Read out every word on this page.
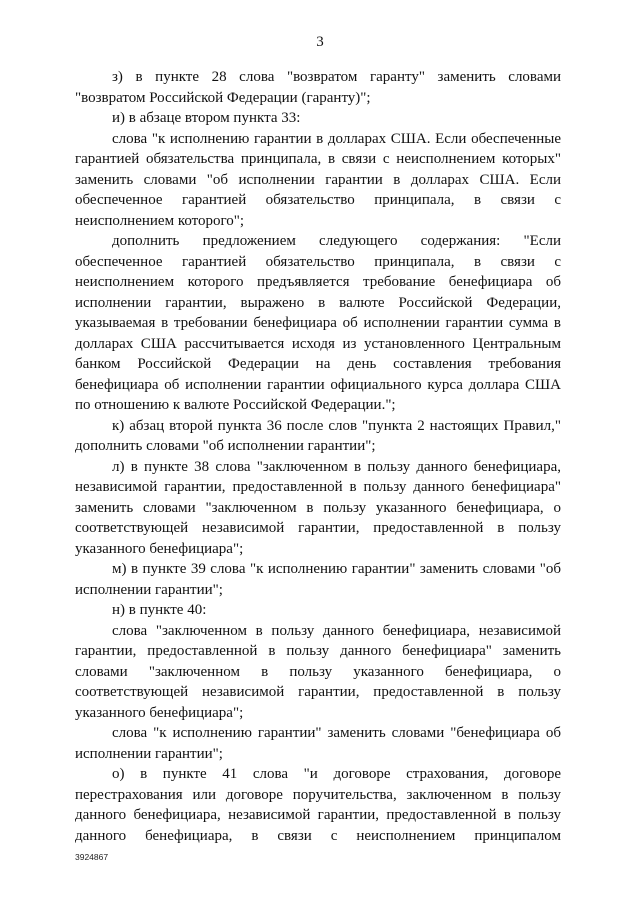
3

з) в пункте 28 слова "возвратом гаранту" заменить словами "возвратом Российской Федерации (гаранту)";

и) в абзаце втором пункта 33:

слова "к исполнению гарантии в долларах США. Если обеспеченные гарантией обязательства принципала, в связи с неисполнением которых" заменить словами "об исполнении гарантии в долларах США. Если обеспеченное гарантией обязательство принципала, в связи с неисполнением которого";

дополнить предложением следующего содержания: "Если обеспеченное гарантией обязательство принципала, в связи с неисполнением которого предъявляется требование бенефициара об исполнении гарантии, выражено в валюте Российской Федерации, указываемая в требовании бенефициара об исполнении гарантии сумма в долларах США рассчитывается исходя из установленного Центральным банком Российской Федерации на день составления требования бенефициара об исполнении гарантии официального курса доллара США по отношению к валюте Российской Федерации.";

к) абзац второй пункта 36 после слов "пункта 2 настоящих Правил," дополнить словами "об исполнении гарантии";

л) в пункте 38 слова "заключенном в пользу данного бенефициара, независимой гарантии, предоставленной в пользу данного бенефициара" заменить словами "заключенном в пользу указанного бенефициара, о соответствующей независимой гарантии, предоставленной в пользу указанного бенефициара";

м) в пункте 39 слова "к исполнению гарантии" заменить словами "об исполнении гарантии";

н) в пункте 40:

слова "заключенном в пользу данного бенефициара, независимой гарантии, предоставленной в пользу данного бенефициара" заменить словами "заключенном в пользу указанного бенефициара, о соответствующей независимой гарантии, предоставленной в пользу указанного бенефициара";

слова "к исполнению гарантии" заменить словами "бенефициара об исполнении гарантии";

о) в пункте 41 слова "и договоре страхования, договоре перестрахования или договоре поручительства, заключенном в пользу данного бенефициара, независимой гарантии, предоставленной в пользу данного бенефициара, в связи с неисполнением принципалом

3924867
